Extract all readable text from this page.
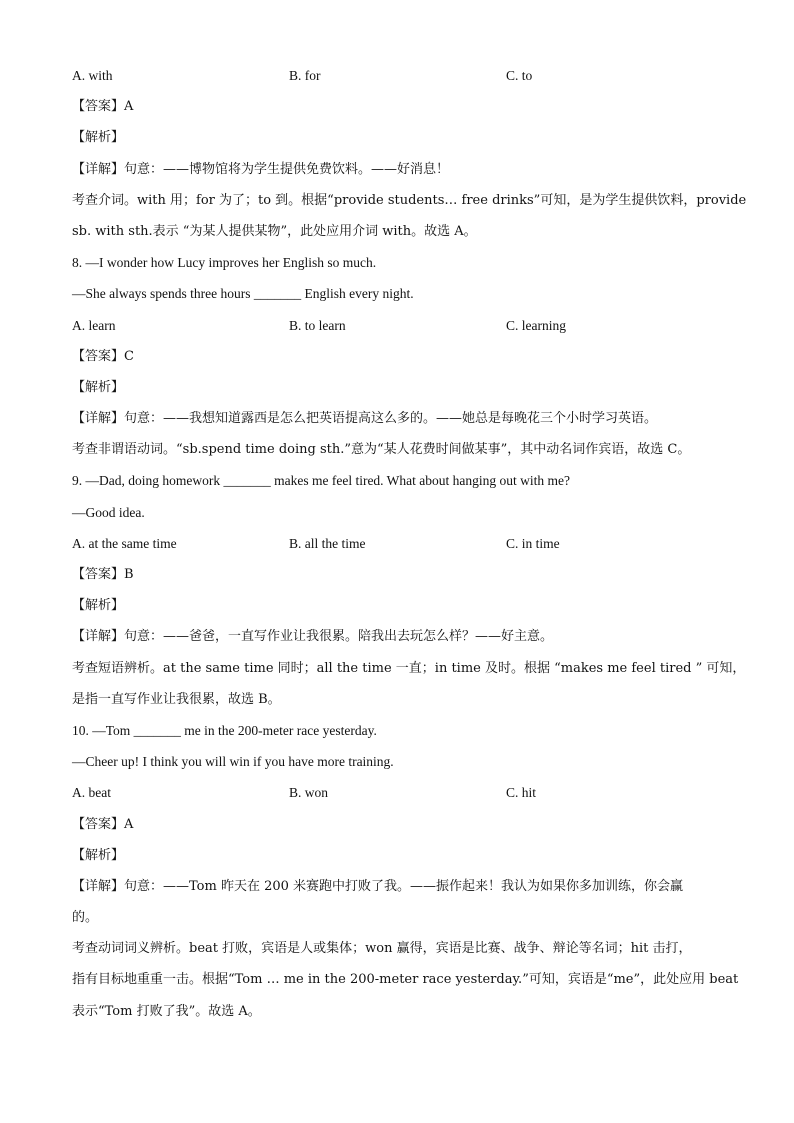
A. with	B. for	C. to
【答案】A
【解析】
【详解】句意：——博物馆将为学生提供免费饮料。——好消息！
考查介词。with 用；for 为了；to 到。根据“provide students… free drinks”可知，是为学生提供饮料，provide
sb. with sth.表示 “为某人提供某物”，此处应用介词 with。故选 A。
8. —I wonder how Lucy improves her English so much.
—She always spends three hours _______ English every night.
A. learn	B. to learn	C. learning
【答案】C
【解析】
【详解】句意：——我想知道露西是怎么把英语提高这么多的。——她总是每晚花三个小时学习英语。
考查非谓语动词。“sb.spend time doing sth.”意为“某人花费时间做某事”，其中动名词作宾语，故选 C。
9. —Dad, doing homework _______ makes me feel tired. What about hanging out with me?
—Good idea.
A. at the same time	B. all the time	C. in time
【答案】B
【解析】
【详解】句意：——爸爸，一直写作业让我很累。陪我出去玩怎么样？——好主意。
考查短语辨析。at the same time 同时；all the time 一直；in time 及时。根据 “makes me feel tired ” 可知，
是指一直写作业让我很累，故选 B。
10. —Tom _______ me in the 200-meter race yesterday.
—Cheer up! I think you will win if you have more training.
A. beat	B. won	C. hit
【答案】A
【解析】
【详解】句意：——Tom 昨天在 200 米赛跑中打败了我。——振作起来！我认为如果你多加训练，你会赢
的。
考查动词词义辨析。beat 打败，宾语是人或集体；won 赢得，宾语是比赛、战争、辩论等名词；hit 击打，
指有目标地重重一击。根据“Tom … me in the 200-meter race yesterday.”可知，宾语是“me”，此处应用 beat
表示“Tom 打败了我”。故选 A。
